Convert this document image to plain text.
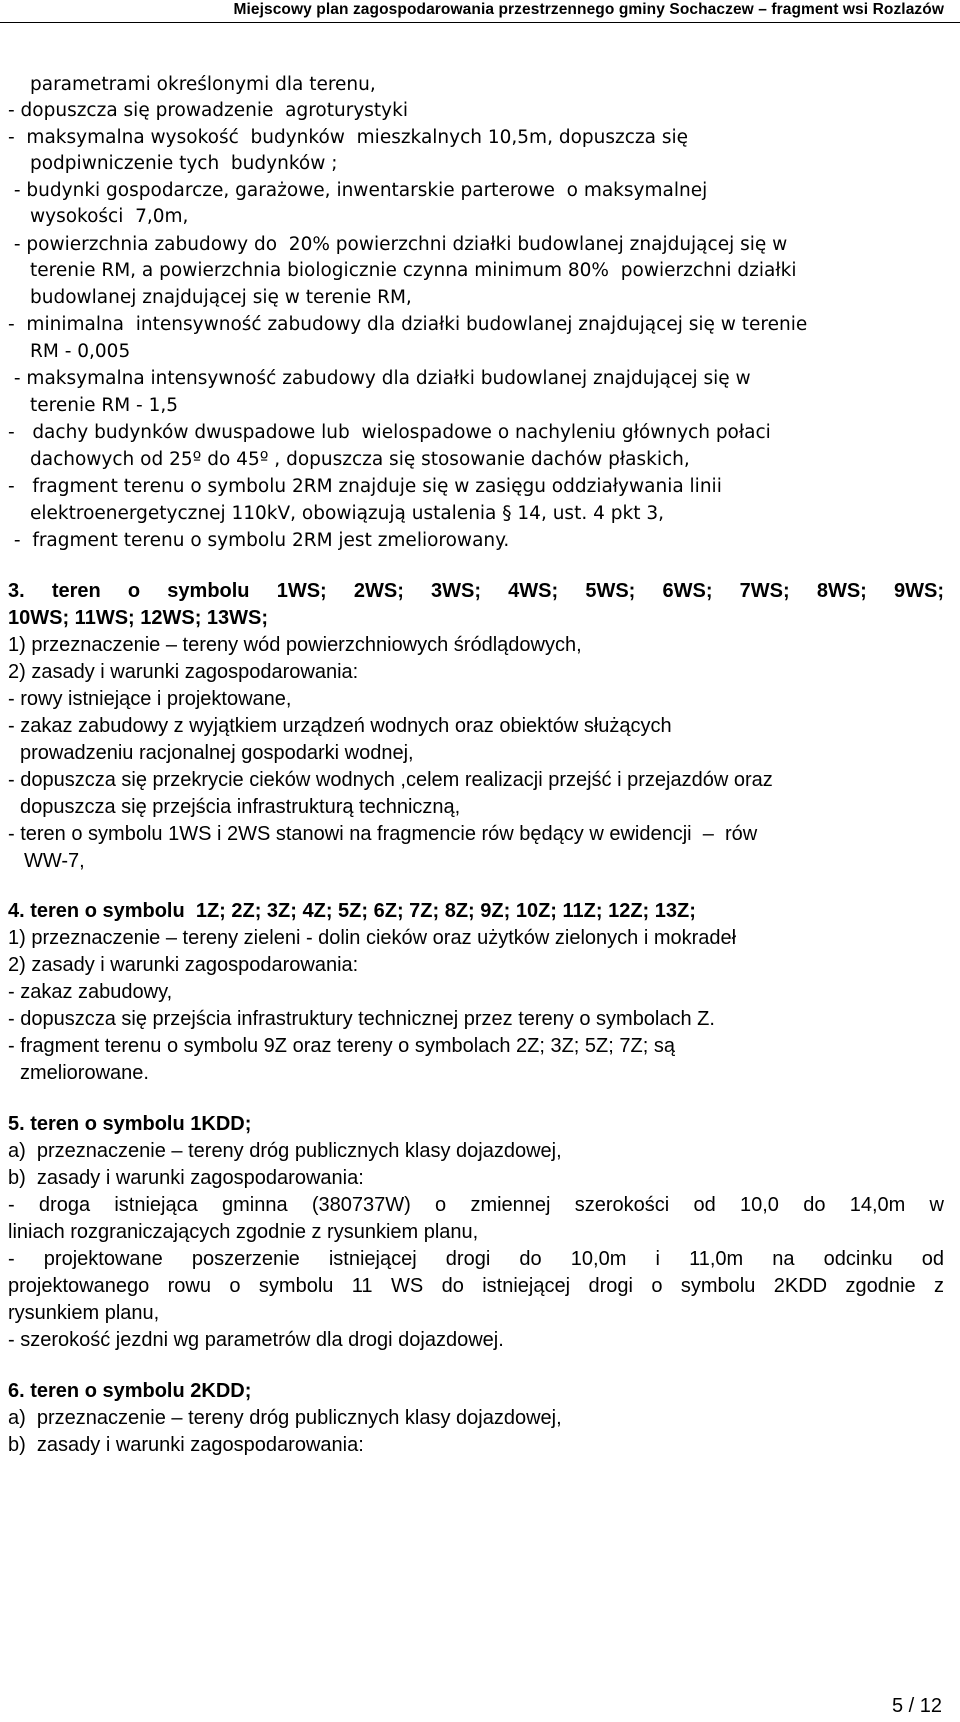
Miejscowy plan zagospodarowania przestrzennego gminy Sochaczew – fragment wsi Rozlazów
parametrami określonymi dla terenu,
- dopuszcza się prowadzenie  agroturystyki
-  maksymalna wysokość  budynków  mieszkalnych 10,5m, dopuszcza się
podpiwniczenie tych  budynków ;
- budynki gospodarcze, garażowe, inwentarskie parterowe  o maksymalnej
wysokości  7,0m,
- powierzchnia zabudowy do  20% powierzchni działki budowlanej znajdującej się w
terenie RM, a powierzchnia biologicznie czynna minimum 80%  powierzchni działki
budowlanej znajdującej się w terenie RM,
-  minimalna  intensywność zabudowy dla działki budowlanej znajdującej się w terenie
RM - 0,005
- maksymalna intensywność zabudowy dla działki budowlanej znajdującej się w
terenie RM - 1,5
-   dachy budynków dwuspadowe lub  wielospadowe o nachyleniu głównych połaci
dachowych od 25º do 45º , dopuszcza się stosowanie dachów płaskich,
-   fragment terenu o symbolu 2RM znajduje się w zasięgu oddziaływania linii
elektroenergetycznej 110kV, obowiązują ustalenia § 14, ust. 4 pkt 3,
-  fragment terenu o symbolu 2RM jest zmeliorowany.
3. teren o symbolu 1WS; 2WS; 3WS; 4WS; 5WS; 6WS; 7WS; 8WS; 9WS;
10WS; 11WS; 12WS; 13WS;
1) przeznaczenie – tereny wód powierzchniowych śródlądowych,
2) zasady i warunki zagospodarowania:
- rowy istniejące i projektowane,
- zakaz zabudowy z wyjątkiem urządzeń wodnych oraz obiektów służących
prowadzeniu racjonalnej gospodarki wodnej,
- dopuszcza się przekrycie cieków wodnych ,celem realizacji przejść i przejazdów oraz
dopuszcza się przejścia infrastrukturą techniczną,
- teren o symbolu 1WS i 2WS stanowi na fragmencie rów będący w ewidencji  –  rów
WW-7,
4. teren o symbolu  1Z; 2Z; 3Z; 4Z; 5Z; 6Z; 7Z; 8Z; 9Z; 10Z; 11Z; 12Z; 13Z;
1) przeznaczenie – tereny zieleni - dolin cieków oraz użytków zielonych i mokradeł
2) zasady i warunki zagospodarowania:
- zakaz zabudowy,
- dopuszcza się przejścia infrastruktury technicznej przez tereny o symbolach Z.
- fragment terenu o symbolu 9Z oraz tereny o symbolach 2Z; 3Z; 5Z; 7Z; są
zmeliorowane.
5. teren o symbolu 1KDD;
a)  przeznaczenie – tereny dróg publicznych klasy dojazdowej,
b)  zasady i warunki zagospodarowania:
- droga istniejąca gminna (380737W) o zmiennej szerokości od 10,0 do 14,0m w
liniach rozgraniczających zgodnie z rysunkiem planu,
- projektowane poszerzenie istniejącej drogi do 10,0m i 11,0m na odcinku od
projektowanego rowu o symbolu 11 WS do istniejącej drogi o symbolu 2KDD zgodnie z
rysunkiem planu,
- szerokość jezdni wg parametrów dla drogi dojazdowej.
6. teren o symbolu 2KDD;
a)  przeznaczenie – tereny dróg publicznych klasy dojazdowej,
b)  zasady i warunki zagospodarowania:
5 / 12
